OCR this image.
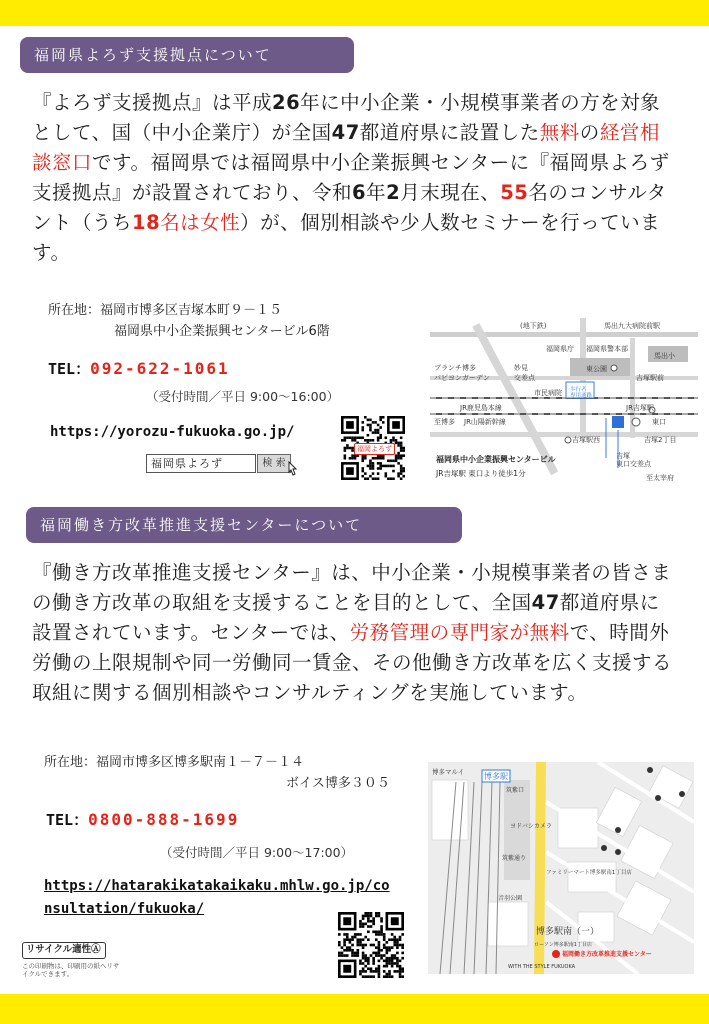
福岡県よろず支援拠点について
『よろず支援拠点』は平成26年に中小企業・小規模事業者の方を対象として、国（中小企業庁）が全国47都道府県に設置した無料の経営相談窓口です。福岡県では福岡県中小企業振興センターに『福岡県よろず支援拠点』が設置されており、令和6年2月末現在、55名のコンサルタント（うち18名は女性）が、個別相談や少人数セミナーを行っています。
所在地：福岡市博多区吉塚本町９－１５
福岡県中小企業振興センタービル6階
TEL：092-622-1061
（受付時間／平日 9:00～16:00）
https://yorozu-fukuoka.go.jp/
福岡県よろず	検 索
福岡よろず
(地下鉄)	馬出九大病院前駅
福岡県庁 福岡県警本部
馬出小
東公園
吉塚駅前
ブランチ博多
パピヨンガーデン
妙見
交差点
市民病院 歩行者
専用通路
JR鹿児島本線	JR吉塚駅
東口
至博多 JR山陽新幹線
吉塚駅西	吉塚2丁目
福岡県中小企業振興センタービル
JR吉塚駅 東口より徒歩1分
吉塚
東口交差点
至太宰府
福岡働き方改革推進支援センターについて
『働き方改革推進支援センター』は、中小企業・小規模事業者の皆さまの働き方改革の取組を支援することを目的として、全国47都道府県に設置されています。センターでは、労務管理の専門家が無料で、時間外労働の上限規制や同一労働同一賃金、その他働き方改革を広く支援する取組に関する個別相談やコンサルティングを実施しています。
所在地：福岡市博多区博多駅南１－７－１４
ボイス博多３０５
TEL：0800-888-1699
（受付時間／平日 9:00～17:00）
https://hatarakikatakaikaku.mhlw.go.jp/co
nsultation/fukuoka/
博多マルイ 博多駅
筑紫口
ヨドバシカメラ
筑紫通り
ファミリーマート博多駅南1丁目店
音羽公園
博多駅南（一）
ローソン博多駅南1丁目店
福岡働き方改革推進支援センター
WITH THE STYLE FUKUOKA
リサイクル適性Ⓐ
この印刷物は、印刷用の紙へリサイクルできます。
